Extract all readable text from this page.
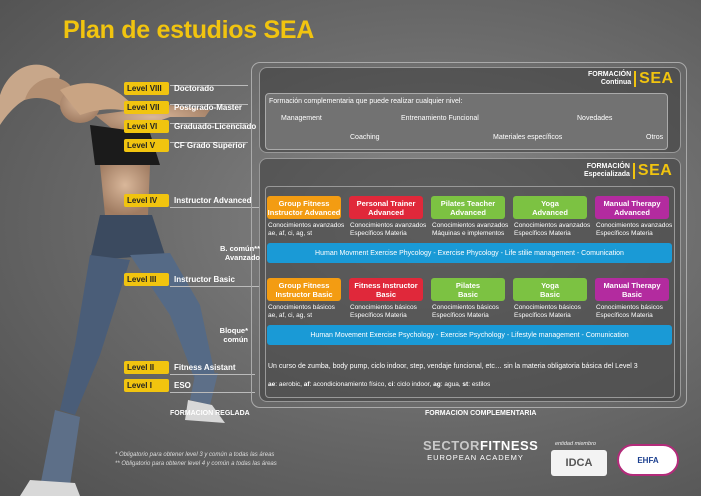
Plan de estudios SEA
Level VIII	Doctorado
Level VII	Postgrado-Master
Level VI	Graduado-Licenciado
Level V	CF Grado Superior
Level IV	Instructor Advanced
Level III	Instructor Basic
Level II	Fitness Asistant
Level I	ESO
FORMACIÓN
Continua SEA
Formación complementaria que puede realizar cualquier nivel:
Management	Entrenamiento Funcional	Novedades
Coaching	Materiales específicos	Otros
FORMACIÓN
Especializada SEA
Group Fitness
Instructor Advanced
Personal Trainer
Advanced
Pilates Teacher
Advanced
Yoga
Advanced
Manual Therapy
Advanced
Conocimientos avanzados
ae, af, ci, ag, st
Conocimientos avanzados
Específicos Materia
Conocimientos avanzados
Máquinas e implementos
Conocimientos avanzados
Específicos Materia
Conocimientos avanzados
Específicos Materia
B. común**
Avanzado	Human Movment Exercise Phycology - Exercise Phycology - Life stilie management - Comunication
Group Fitness
Instructor Basic
Fitness Instructor
Basic
Pilates
Basic
Yoga
Basic
Manual Therapy
Basic
Conocimientos básicos
ae, af, ci, ag, st
Conocimientos básicos
Específicos Materia
Conocimientos básicos
Específicos Materia
Conocimientos básicos
Específicos Materia
Conocimientos básicos
Específicos Materia
Bloque*
común	Human Movement Exercise Psychology - Exercise Psychology - Lifestyle management - Comunication
Un curso de zumba, body pump, ciclo indoor, step, vendaje funcional, etc… sin la materia obligatoria básica del Level 3
ae: aerobic, af: acondicionamiento físico, ci: ciclo indoor, ag: agua, st: estilos
FORMACION REGLADA	FORMACION COMPLEMENTARIA
* Obligatorio para obtener level 3 y común a todas las áreas
** Obligatorio para obtener level 4 y común a todas las áreas
SECTORFITNESS
EUROPEAN ACADEMY
entidad miembro
IDCA	EHFA
